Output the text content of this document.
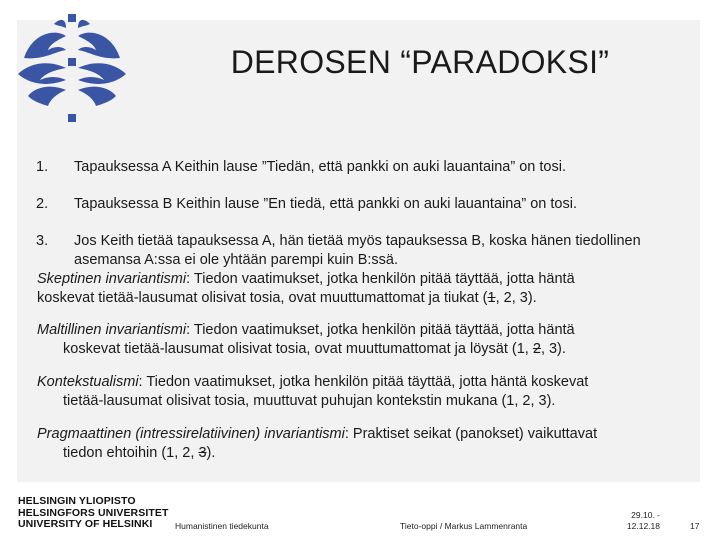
DEROSEN “PARADOKSI”
1.	Tapauksessa A Keithin lause ”Tiedän, että pankki on auki lauantaina” on tosi.
2.	Tapauksessa B Keithin lause ”En tiedä, että pankki on auki lauantaina” on tosi.
3.	Jos Keith tietää tapauksessa A, hän tietää myös tapauksessa B, koska hänen tiedollinen asemansa A:ssa ei ole yhtään parempi kuin B:ssä.
Skeptinen invariantismi: Tiedon vaatimukset, jotka henkilön pitää täyttää, jotta häntä
koskevat tietää-lausumat olisivat tosia, ovat muuttumattomat ja tiukat (1, 2, 3).
Maltillinen invariantismi: Tiedon vaatimukset, jotka henkilön pitää täyttää, jotta häntä
koskevat tietää-lausumat olisivat tosia, ovat muuttumattomat ja löysät (1, 2, 3).
Kontekstualismi: Tiedon vaatimukset, jotka henkilön pitää täyttää, jotta häntä koskevat
tietää-lausumat olisivat tosia, muuttuvat puhujan kontekstin mukana (1, 2, 3).
Pragmaattinen (intressirelatiivinen) invariantismi: Praktiset seikat (panokset) vaikuttavat
tiedon ehtoihin (1, 2, 3).
HELSINGIN YLIOPISTO
HELSINGFORS UNIVERSITET
UNIVERSITY OF HELSINKI	Humanistinen tiedekunta	Tieto-oppi / Markus Lammenranta
29.10. -
12.12.18	17
